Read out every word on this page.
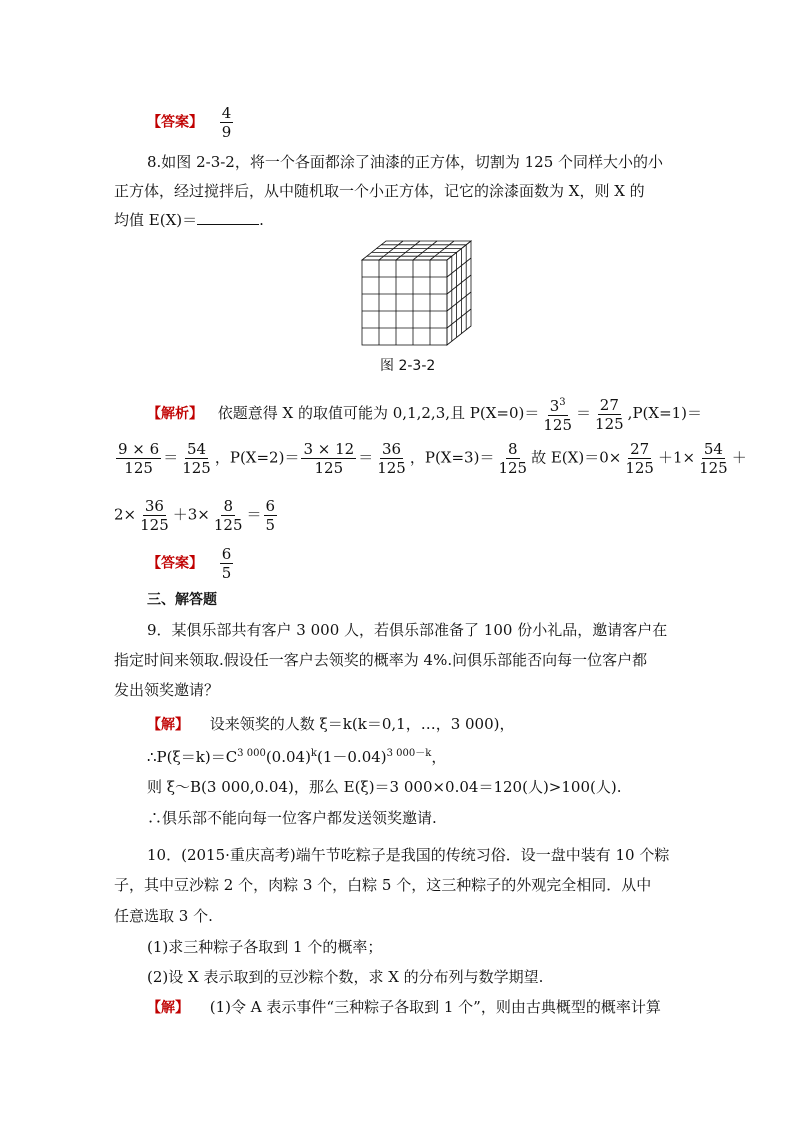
【答案】 $\frac{4}{9}$
8.如图 2-3-2，将一个各面都涂了油漆的正方体，切割为 125 个同样大小的小
正方体，经过搅拌后，从中随机取一个小正方体，记它的涂漆面数为 X，则 X 的
均值 E(X)＝	.
图 2-3-2
【解析】 依题意得 X 的取值可能为 0,1,2,3,且 $P(X=0)= \frac{3^3}{125} = \frac{27}{125} ,P(X=1)=$
$\frac{9 \times 6}{125} = \frac{54}{125}$ ，$P(X=2)= \frac{3 \times 12}{125} = \frac{36}{125}$ ，$P(X=3)= \frac{8}{125}$ 故 $E(X)=0\times \frac{27}{125} +1\times \frac{54}{125}$ ＋
$2\times \frac{36}{125} +3\times \frac{8}{125} = \frac{6}{5}$
【答案】 $\frac{6}{5}$
三、解答题
9．某俱乐部共有客户 3 000 人，若俱乐部准备了 100 份小礼品，邀请客户在
指定时间来领取.假设任一客户去领奖的概率为 4%.问俱乐部能否向每一位客户都
发出领奖邀请？
【解】 设来领奖的人数 ξ＝k(k＝0,1，…，3 000)，
$\therefore P(\xi=k)=C^{3 000}(0.04)^k(1-0.04)^{3 000-k}$，
则 ξ～B(3 000,0.04)，那么 E(ξ)＝3 000×0.04＝120(人)>100(人).
∴俱乐部不能向每一位客户都发送领奖邀请.
10．(2015·重庆高考)端午节吃粽子是我国的传统习俗．设一盘中装有 10 个粽
子，其中豆沙粽 2 个，肉粽 3 个，白粽 5 个，这三种粽子的外观完全相同．从中
任意选取 3 个.
(1)求三种粽子各取到 1 个的概率；
(2)设 X 表示取到的豆沙粽个数，求 X 的分布列与数学期望.
【解】 (1)令 A 表示事件“三种粽子各取到 1 个”，则由古典概型的概率计算
